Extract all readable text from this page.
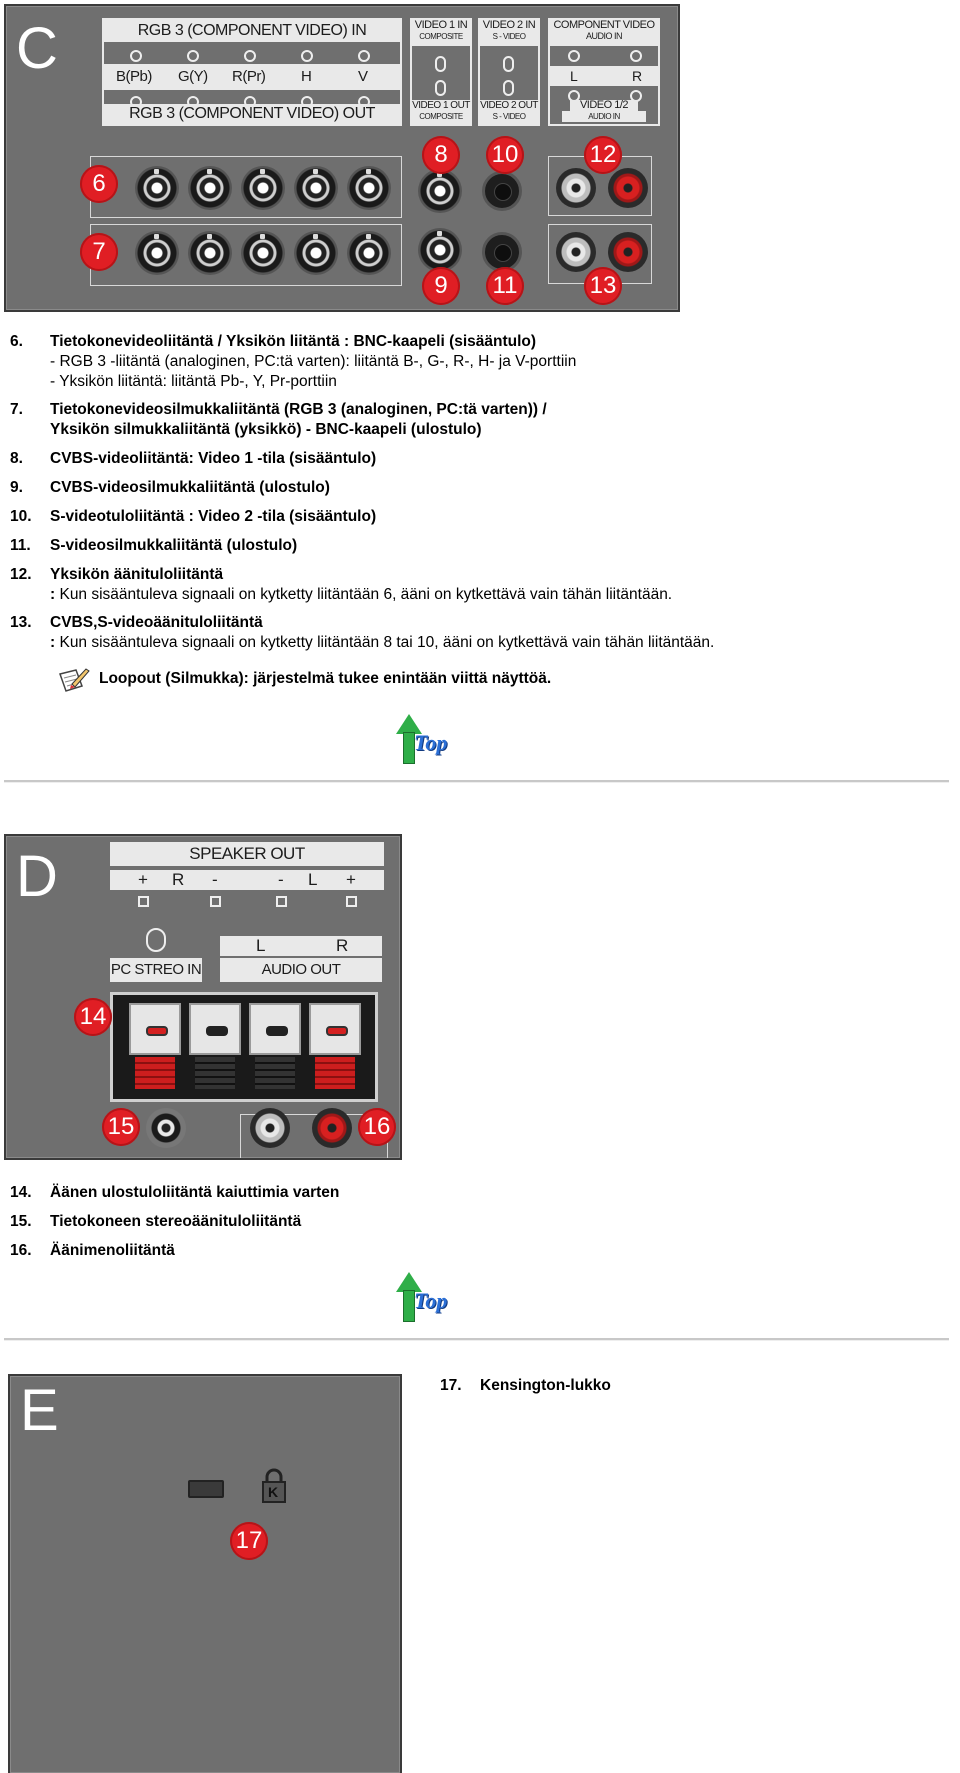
C	RGB 3 (COMPONENT VIDEO) IN
B(Pb) G(Y) R(Pr) H	V
RGB 3 (COMPONENT VIDEO) OUT
VIDEO 1 IN
COMPOSITE
VIDEO 1 OUT
COMPOSITE
VIDEO 2 IN
S - VIDEO
VIDEO 2 OUT
S - VIDEO
COMPONENT VIDEO
AUDIO IN
L	R
VIDEO 1/2 AUDIO IN
6
7
8
9
10
11
12
13
6. Tietokonevideoliitäntä / Yksikön liitäntä : BNC-kaapeli (sisääntulo)
- RGB 3 -liitäntä (analoginen, PC:tä varten): liitäntä B-, G-, R-, H- ja V-porttiin
- Yksikön liitäntä: liitäntä Pb-, Y, Pr-porttiin
7. Tietokonevideosilmukkaliitäntä (RGB 3 (analoginen, PC:tä varten)) /
Yksikön silmukkaliitäntä (yksikkö) - BNC-kaapeli (ulostulo)
8. CVBS-videoliitäntä: Video 1 -tila (sisääntulo)
9. CVBS-videosilmukkaliitäntä (ulostulo)
10. S-videotuloliitäntä : Video 2 -tila (sisääntulo)
11. S-videosilmukkaliitäntä (ulostulo)
12. Yksikön äänituloliitäntä
: Kun sisääntuleva signaali on kytketty liitäntään 6, ääni on kytkettävä vain tähän liitäntään.
13. CVBS,S-videoäänituloliitäntä
: Kun sisääntuleva signaali on kytketty liitäntään 8 tai 10, ääni on kytkettävä vain tähän liitäntään.
Loopout (Silmukka): järjestelmä tukee enintään viittä näyttöä.
Top
D	SPEAKER OUT
+ R -	- L +
PC STREO IN
L	R
AUDIO OUT
14
15	16
14. Äänen ulostuloliitäntä kaiuttimia varten
15. Tietokoneen stereoäänituloliitäntä
16. Äänimenoliitäntä
Top
E
K
17
17. Kensington-lukko
